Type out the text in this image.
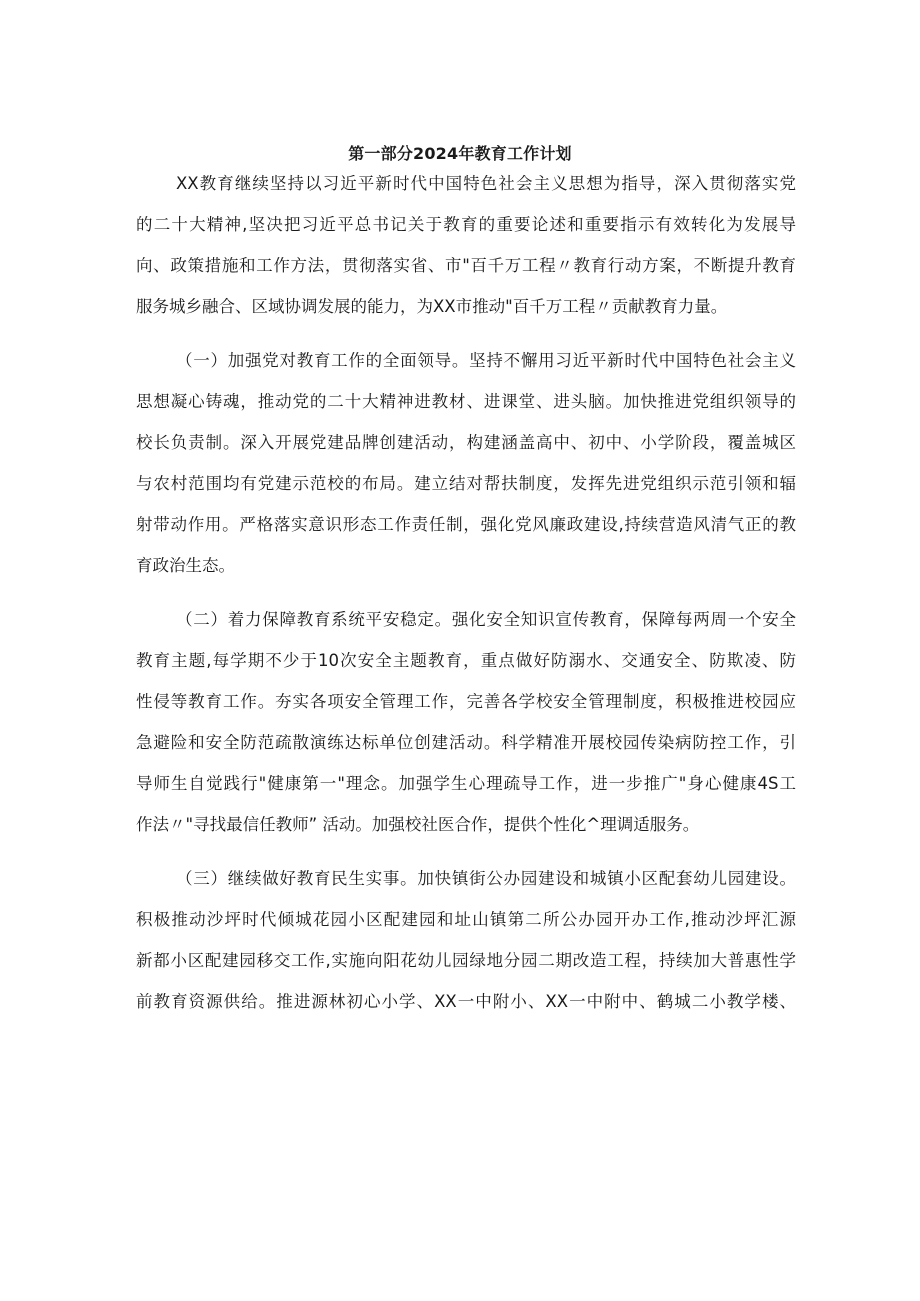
第一部分2024年教育工作计划
XX教育继续坚持以习近平新时代中国特色社会主义思想为指导，深入贯彻落实党
的二十大精神,坚决把习近平总书记关于教育的重要论述和重要指示有效转化为发展导
向、政策措施和工作方法，贯彻落实省、市"百千万工程〃教育行动方案，不断提升教育
服务城乡融合、区域协调发展的能力，为XX市推动"百千万工程〃贡献教育力量。
（一）加强党对教育工作的全面领导。坚持不懈用习近平新时代中国特色社会主义
思想凝心铸魂，推动党的二十大精神进教材、进课堂、进头脑。加快推进党组织领导的
校长负责制。深入开展党建品牌创建活动，构建涵盖高中、初中、小学阶段，覆盖城区
与农村范围均有党建示范校的布局。建立结对帮扶制度，发挥先进党组织示范引领和辐
射带动作用。严格落实意识形态工作责任制，强化党风廉政建设,持续营造风清气正的教
育政治生态。
（二）着力保障教育系统平安稳定。强化安全知识宣传教育，保障每两周一个安全
教育主题,每学期不少于10次安全主题教育，重点做好防溺水、交通安全、防欺凌、防
性侵等教育工作。夯实各项安全管理工作，完善各学校安全管理制度，积极推进校园应
急避险和安全防范疏散演练达标单位创建活动。科学精准开展校园传染病防控工作，引
导师生自觉践行"健康第一"理念。加强学生心理疏导工作，进一步推广"身心健康4S工
作法〃"寻找最信任教师” 活动。加强校社医合作，提供个性化^理调适服务。
（三）继续做好教育民生实事。加快镇街公办园建设和城镇小区配套幼儿园建设。
积极推动沙坪时代倾城花园小区配建园和址山镇第二所公办园开办工作,推动沙坪汇源
新都小区配建园移交工作,实施向阳花幼儿园绿地分园二期改造工程，持续加大普惠性学
前教育资源供给。推进源林初心小学、XX一中附小、XX一中附中、鹤城二小教学楼、
